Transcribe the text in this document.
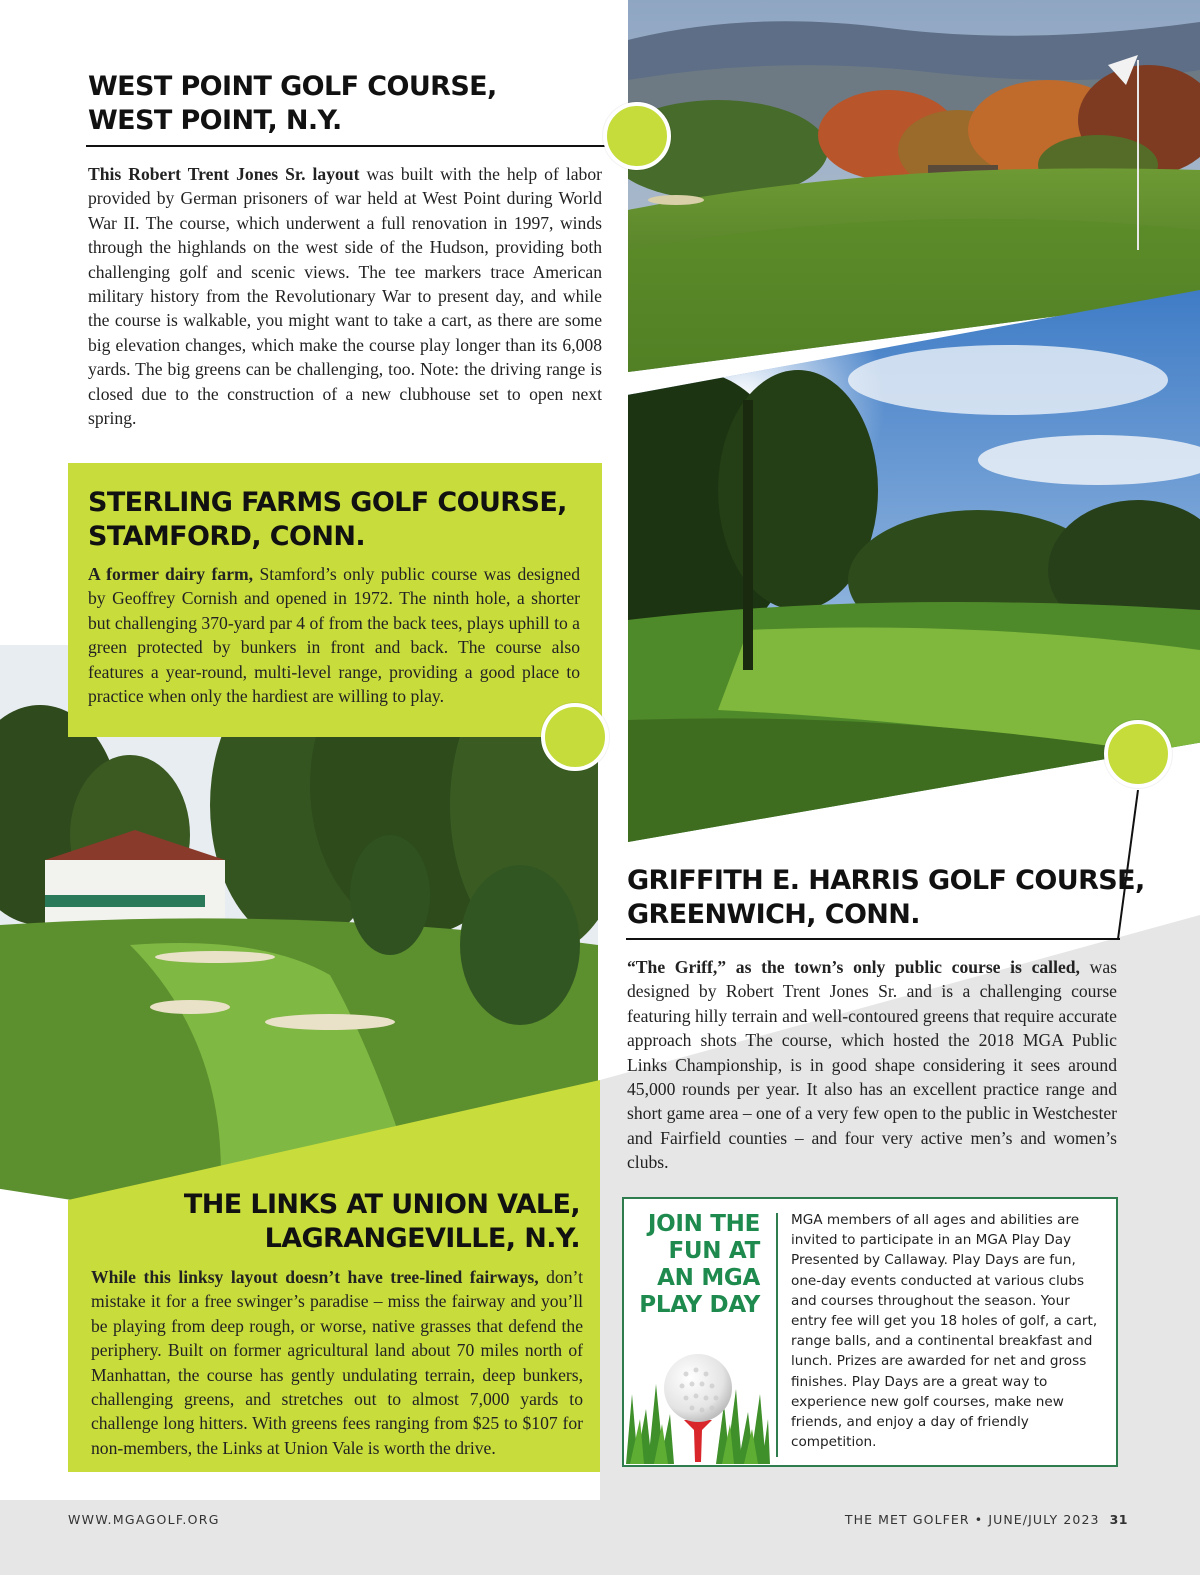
WEST POINT GOLF COURSE,
WEST POINT, N.Y.
This Robert Trent Jones Sr. layout was built with the help of labor provided by German prisoners of war held at West Point during World War II. The course, which underwent a full renovation in 1997, winds through the highlands on the west side of the Hudson, providing both challenging golf and scenic views. The tee markers trace American military history from the Revolutionary War to present day, and while the course is walkable, you might want to take a cart, as there are some big elevation changes, which make the course play longer than its 6,008 yards. The big greens can be challenging, too. Note: the driving range is closed due to the construction of a new clubhouse set to open next spring.
STERLING FARMS GOLF COURSE,
STAMFORD, CONN.
A former dairy farm, Stamford’s only public course was designed by Geoffrey Cornish and opened in 1972. The ninth hole, a shorter but challenging 370-yard par 4 of from the back tees, plays uphill to a green protected by bunkers in front and back. The course also features a year-round, multi-level range, providing a good place to practice when only the hardiest are willing to play.
GRIFFITH E. HARRIS GOLF COURSE,
GREENWICH, CONN.
“The Griff,” as the town’s only public course is called, was designed by Robert Trent Jones Sr. and is a challenging course featuring hilly terrain and well-contoured greens that require accurate approach shots The course, which hosted the 2018 MGA Public Links Championship, is in good shape considering it sees around 45,000 rounds per year. It also has an excellent practice range and short game area – one of a very few open to the public in Westchester and Fairfield counties – and four very active men’s and women’s clubs.
THE LINKS AT UNION VALE,
LAGRANGEVILLE, N.Y.
While this linksy layout doesn’t have tree-lined fairways, don’t mistake it for a free swinger’s paradise – miss the fairway and you’ll be playing from deep rough, or worse, native grasses that defend the periphery. Built on former agricultural land about 70 miles north of Manhattan, the course has gently undulating terrain, deep bunkers, challenging greens, and stretches out to almost 7,000 yards to challenge long hitters. With greens fees ranging from $25 to $107 for non-members, the Links at Union Vale is worth the drive.
JOIN THE
FUN AT
AN MGA
PLAY DAY
MGA members of all ages and abilities are invited to participate in an MGA Play Day Presented by Callaway. Play Days are fun, one-day events conducted at various clubs and courses throughout the season. Your entry fee will get you 18 holes of golf, a cart, range balls, and a continental breakfast and lunch. Prizes are awarded for net and gross finishes. Play Days are a great way to experience new golf courses, make new friends, and enjoy a day of friendly competition.
WWW.MGAGOLF.ORG	THE MET GOLFER • JUNE/JULY 2023 31
